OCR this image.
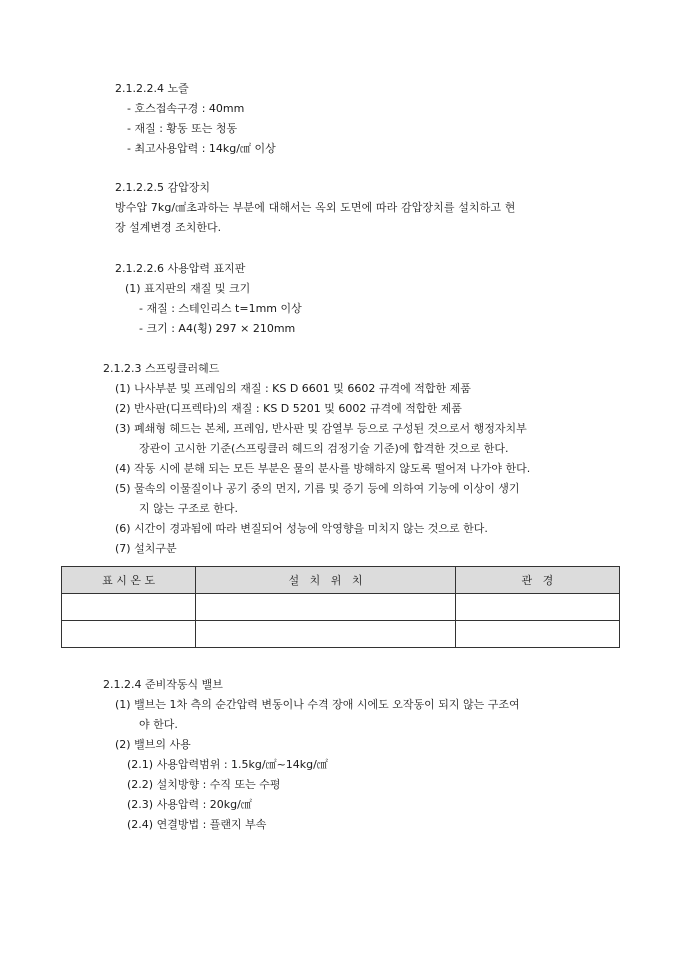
2.1.2.2.4 노즐
- 호스접속구경 : 40mm
- 재질 : 황동 또는 청동
- 최고사용압력 : 14kg/㎠ 이상
2.1.2.2.5 감압장치
방수압 7kg/㎠초과하는 부분에 대해서는 옥외 도면에 따라 감압장치를 설치하고 현
장 설계변경 조치한다.
2.1.2.2.6 사용압력 표지판
(1) 표지판의 재질 및 크기
- 재질 : 스테인리스 t=1mm 이상
- 크기 : A4(횡) 297 × 210mm
2.1.2.3 스프링클러헤드
(1) 나사부분 및 프레임의 재질 : KS D 6601 및 6602 규격에 적합한 제품
(2) 반사판(디프렉타)의 재질 : KS D 5201 및 6002 규격에 적합한 제품
(3) 폐쇄형 헤드는 본체, 프레임, 반사판 및 감열부 등으로 구성된 것으로서 행정자치부
장관이 고시한 기준(스프링클러 헤드의 검정기술 기준)에 합격한 것으로 한다.
(4) 작동 시에 분해 되는 모든 부분은 물의 분사를 방해하지 않도록 떨어져 나가야 한다.
(5) 물속의 이물질이나 공기 중의 먼지, 기름 및 증기 등에 의하여 기능에 이상이 생기
지 않는 구조로 한다.
(6) 시간이 경과됨에 따라 변질되어 성능에 악영향을 미치지 않는 것으로 한다.
(7) 설치구분
표 시 온 도	설   치   위   치	관   경

2.1.2.4 준비작동식 밸브
(1) 밸브는 1차 측의 순간압력 변동이나 수격 장애 시에도 오작동이 되지 않는 구조여
야 한다.
(2) 밸브의 사용
(2.1) 사용압력범위 : 1.5kg/㎠~14kg/㎠
(2.2) 설치방향 : 수직 또는 수평
(2.3) 사용압력 : 20kg/㎠
(2.4) 연결방법 : 플랜지 부속
